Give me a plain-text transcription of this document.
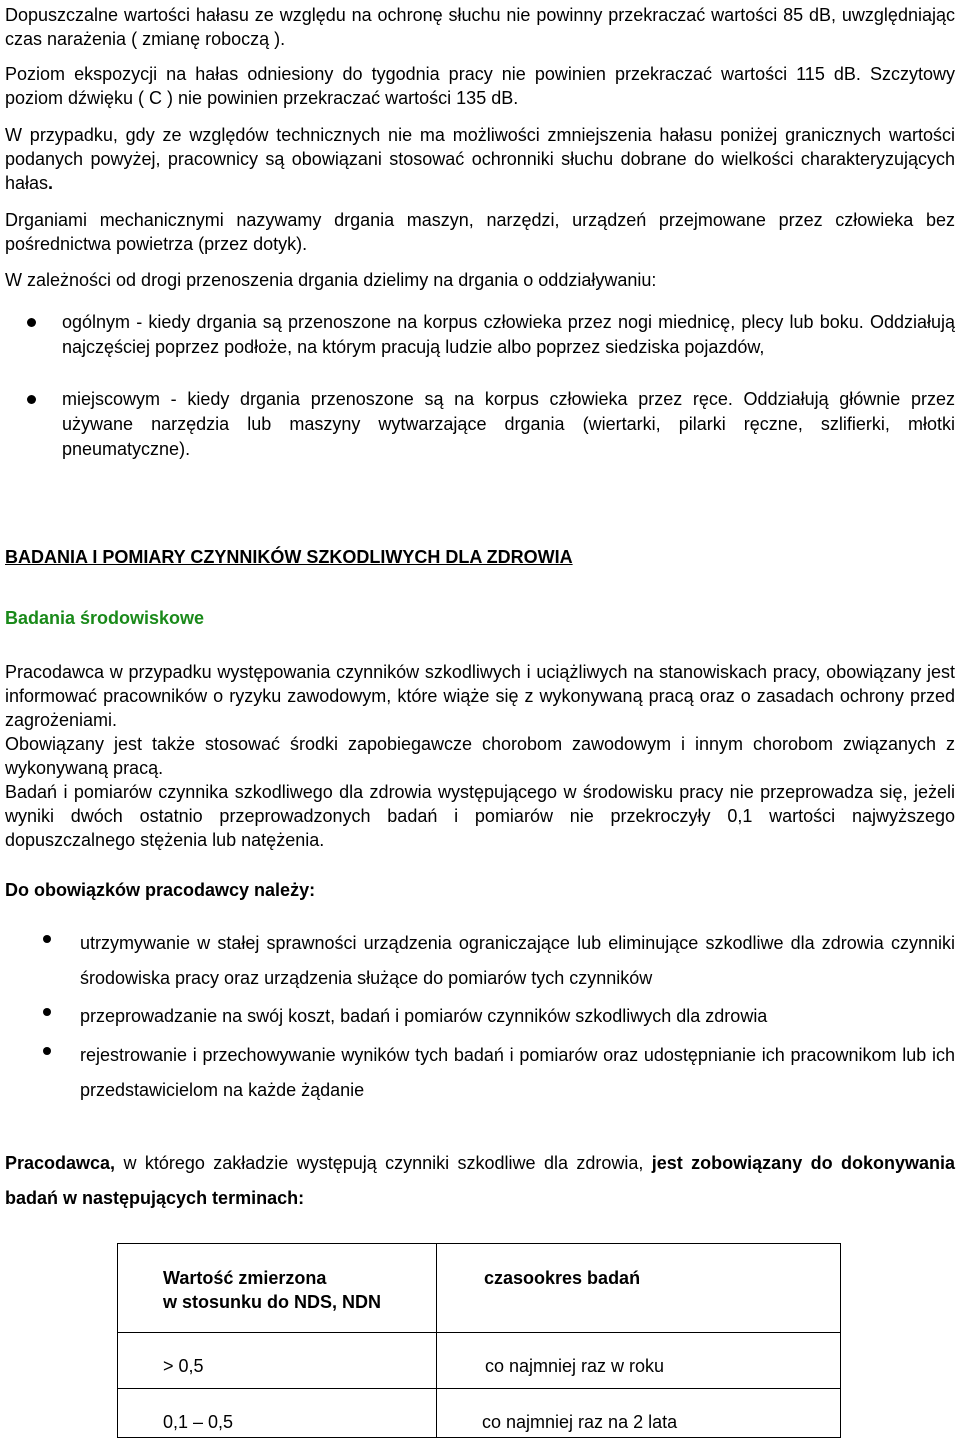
Dopuszczalne wartości hałasu ze względu na ochronę słuchu nie powinny przekraczać wartości 85 dB, uwzględniając czas narażenia ( zmianę roboczą ).

Poziom ekspozycji na hałas odniesiony do tygodnia pracy nie powinien przekraczać wartości 115 dB. Szczytowy poziom dźwięku ( C ) nie powinien przekraczać wartości 135 dB.

W przypadku, gdy ze względów technicznych nie ma możliwości zmniejszenia hałasu poniżej granicznych wartości podanych powyżej, pracownicy są obowiązani stosować ochronniki słuchu dobrane do wielkości charakteryzujących hałas.

Drganiami mechanicznymi nazywamy drgania maszyn, narzędzi, urządzeń przejmowane przez człowieka bez pośrednictwa powietrza (przez dotyk).

W zależności od drogi przenoszenia drgania dzielimy na drgania o oddziaływaniu:

ogólnym - kiedy drgania są przenoszone na korpus człowieka przez nogi miednicę, plecy lub boku. Oddziałują najczęściej poprzez podłoże, na którym pracują ludzie albo poprzez siedziska pojazdów,

miejscowym - kiedy drgania przenoszone są na korpus człowieka przez ręce. Oddziałują głównie przez używane narzędzia lub maszyny wytwarzające drgania (wiertarki, pilarki ręczne, szlifierki, młotki pneumatyczne).

BADANIA I POMIARY CZYNNIKÓW SZKODLIWYCH DLA ZDROWIA
Badania środowiskowe

Pracodawca w przypadku występowania czynników szkodliwych i uciążliwych na stanowiskach pracy, obowiązany jest informować pracowników o ryzyku zawodowym, które wiąże się z wykonywaną pracą oraz o zasadach ochrony przed zagrożeniami.

Obowiązany jest także stosować środki zapobiegawcze chorobom zawodowym i innym chorobom związanych z wykonywaną pracą.

Badań i pomiarów czynnika szkodliwego dla zdrowia występującego w środowisku pracy nie przeprowadza się, jeżeli wyniki dwóch ostatnio przeprowadzonych badań i pomiarów nie przekroczyły 0,1 wartości najwyższego dopuszczalnego stężenia lub natężenia.

Do obowiązków pracodawcy należy:

utrzymywanie w stałej sprawności urządzenia ograniczające lub eliminujące szkodliwe dla zdrowia czynniki środowiska pracy oraz urządzenia służące do pomiarów tych czynników

przeprowadzanie na swój koszt, badań i pomiarów czynników szkodliwych dla zdrowia

rejestrowanie i przechowywanie wyników tych badań i pomiarów oraz udostępnianie ich pracownikom lub ich przedstawicielom na każde żądanie

Pracodawca, w którego zakładzie występują czynniki szkodliwe dla zdrowia, jest zobowiązany do dokonywania badań w następujących terminach:

Wartość zmierzona
w stosunku do NDS, NDN	czasookres badań

> 0,5	co najmniej raz w roku

0,1 – 0,5	co najmniej raz na 2 lata
